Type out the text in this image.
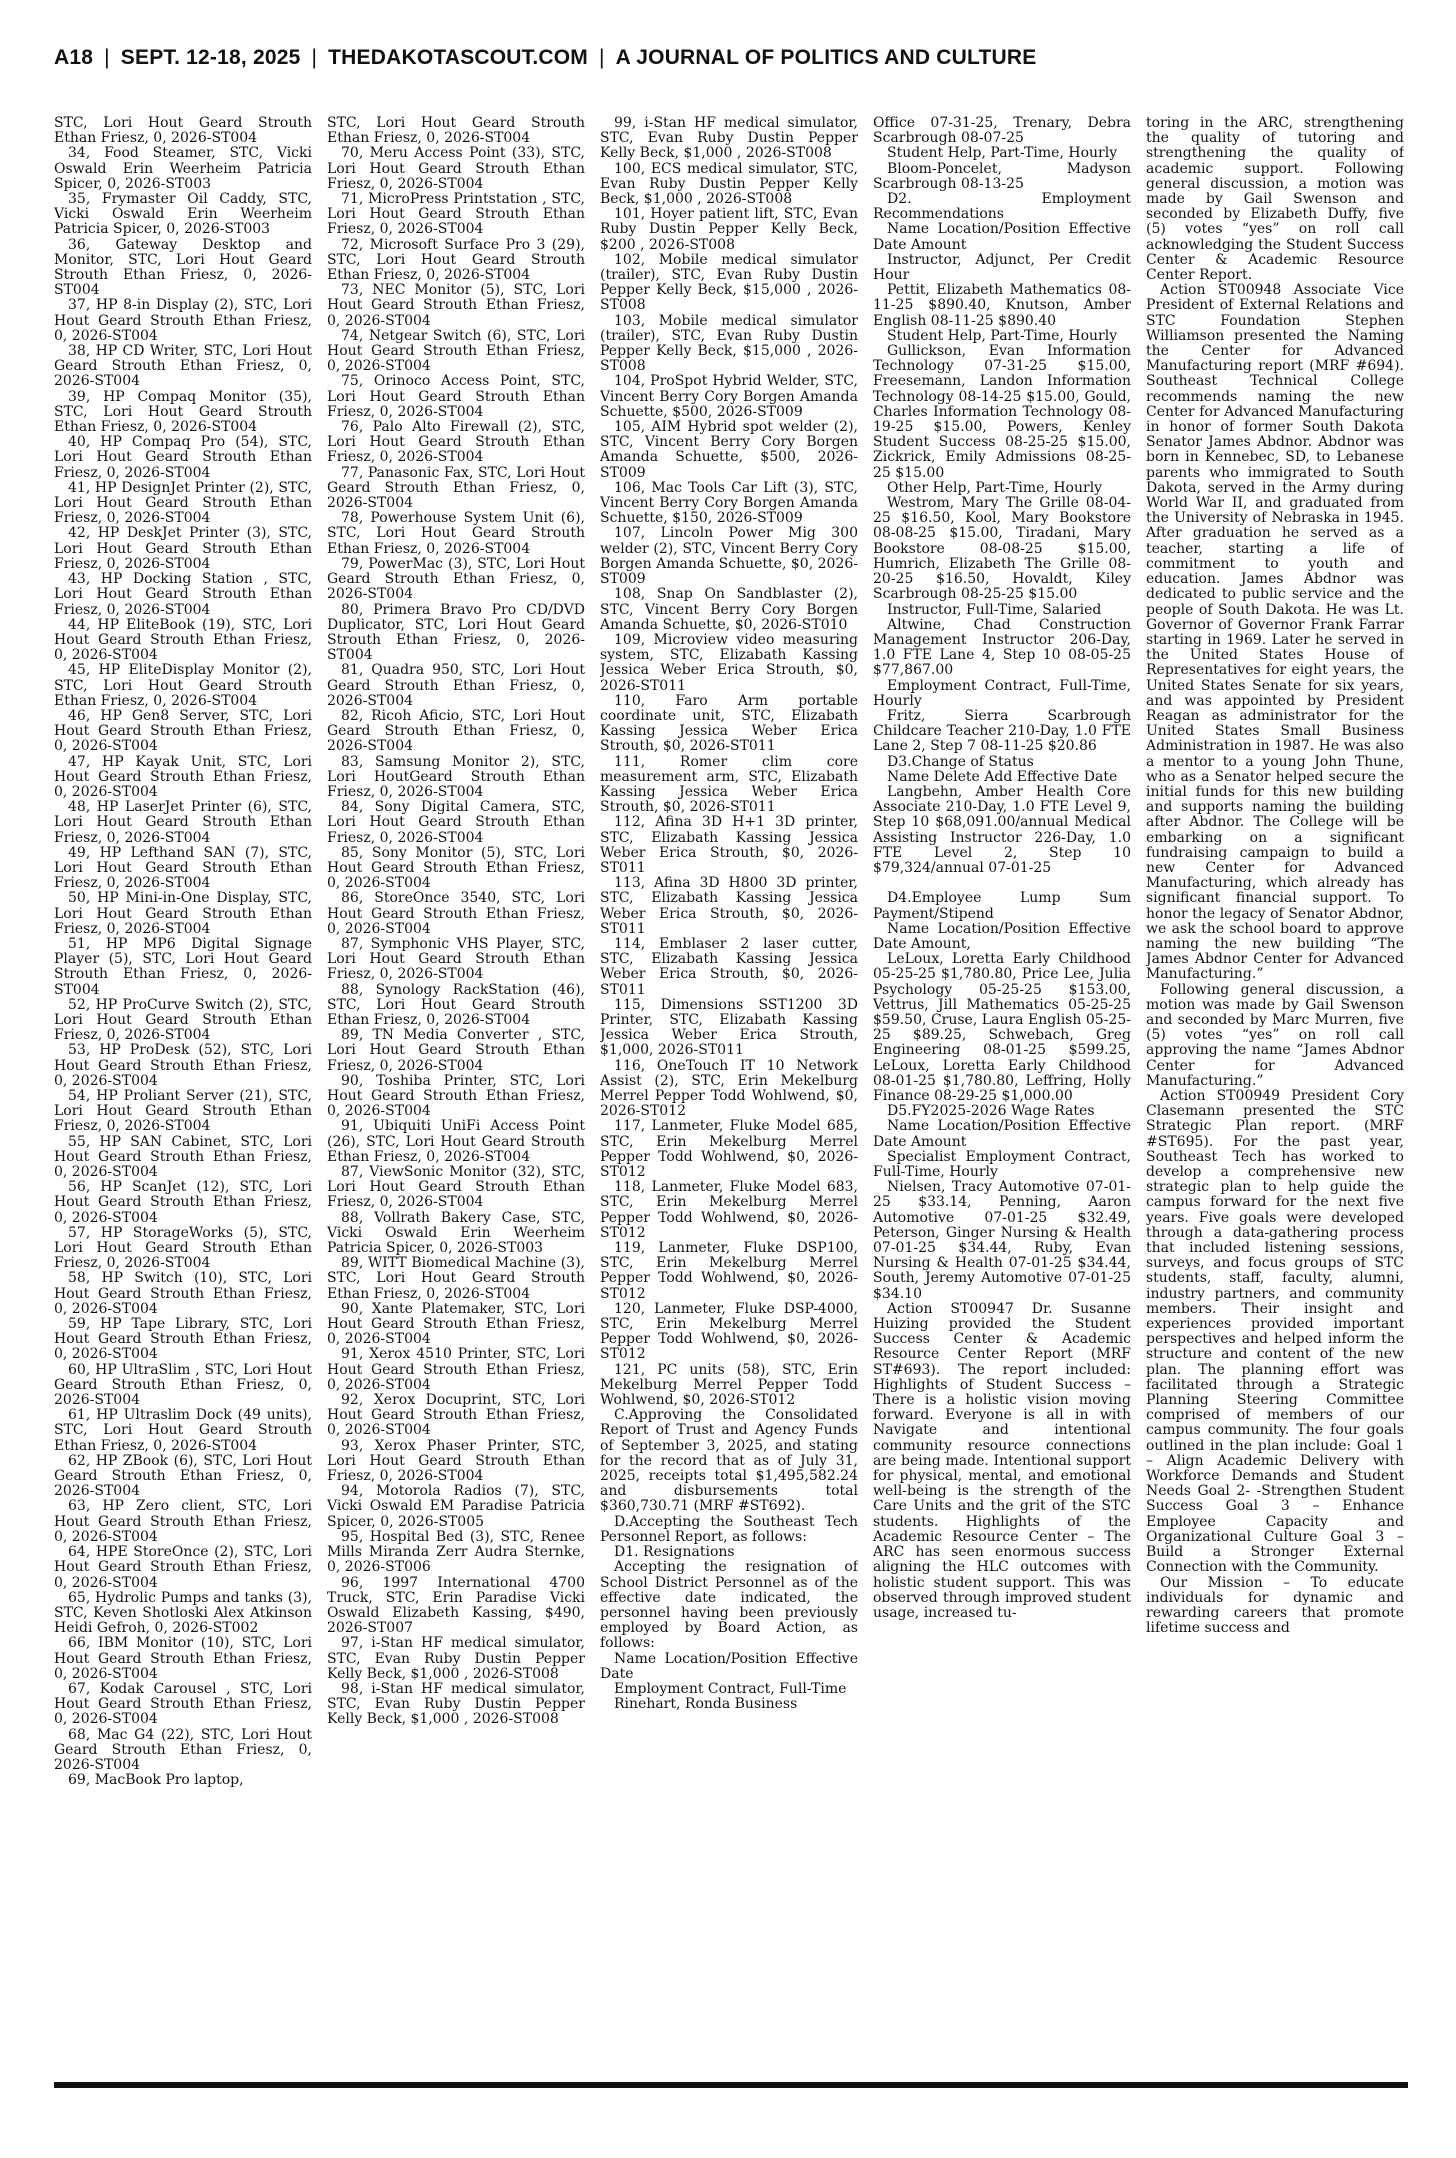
A18 | SEPT. 12-18, 2025 | THEDAKOTASCOUT.COM | A JOURNAL OF POLITICS AND CULTURE

STC, Lori Hout Geard Strouth Ethan Friesz, 0, 2026-ST004

34, Food Steamer, STC, Vicki Oswald Erin Weerheim Patricia Spicer, 0, 2026-ST003

35, Frymaster Oil Caddy, STC, Vicki Oswald Erin Weerheim Patricia Spicer, 0, 2026-ST003

36, Gateway Desktop and Monitor, STC, Lori Hout Geard Strouth Ethan Friesz, 0, 2026-ST004

37, HP 8-in Display (2), STC, Lori Hout Geard Strouth Ethan Friesz, 0, 2026-ST004

38, HP CD Writer, STC, Lori Hout Geard Strouth Ethan Friesz, 0, 2026-ST004

39, HP Compaq Monitor (35), STC, Lori Hout Geard Strouth Ethan Friesz, 0, 2026-ST004

40, HP Compaq Pro (54), STC, Lori Hout Geard Strouth Ethan Friesz, 0, 2026-ST004

41, HP DesignJet Printer (2), STC, Lori Hout Geard Strouth Ethan Friesz, 0, 2026-ST004

42, HP DeskJet Printer (3), STC, Lori Hout Geard Strouth Ethan Friesz, 0, 2026-ST004

43, HP Docking Station , STC, Lori Hout Geard Strouth Ethan Friesz, 0, 2026-ST004

44, HP EliteBook (19), STC, Lori Hout Geard Strouth Ethan Friesz, 0, 2026-ST004

45, HP EliteDisplay Monitor (2), STC, Lori Hout Geard Strouth Ethan Friesz, 0, 2026-ST004

46, HP Gen8 Server, STC, Lori Hout Geard Strouth Ethan Friesz, 0, 2026-ST004

47, HP Kayak Unit, STC, Lori Hout Geard Strouth Ethan Friesz, 0, 2026-ST004

48, HP LaserJet Printer (6), STC, Lori Hout Geard Strouth Ethan Friesz, 0, 2026-ST004

49, HP Lefthand SAN (7), STC, Lori Hout Geard Strouth Ethan Friesz, 0, 2026-ST004

50, HP Mini-in-One Display, STC, Lori Hout Geard Strouth Ethan Friesz, 0, 2026-ST004

51, HP MP6 Digital Signage Player (5), STC, Lori Hout Geard Strouth Ethan Friesz, 0, 2026-ST004

52, HP ProCurve Switch (2), STC, Lori Hout Geard Strouth Ethan Friesz, 0, 2026-ST004

53, HP ProDesk (52), STC, Lori Hout Geard Strouth Ethan Friesz, 0, 2026-ST004

54, HP Proliant Server (21), STC, Lori Hout Geard Strouth Ethan Friesz, 0, 2026-ST004

55, HP SAN Cabinet, STC, Lori Hout Geard Strouth Ethan Friesz, 0, 2026-ST004

56, HP ScanJet (12), STC, Lori Hout Geard Strouth Ethan Friesz, 0, 2026-ST004

57, HP StorageWorks (5), STC, Lori Hout Geard Strouth Ethan Friesz, 0, 2026-ST004

58, HP Switch (10), STC, Lori Hout Geard Strouth Ethan Friesz, 0, 2026-ST004

59, HP Tape Library, STC, Lori Hout Geard Strouth Ethan Friesz, 0, 2026-ST004

60, HP UltraSlim , STC, Lori Hout Geard Strouth Ethan Friesz, 0, 2026-ST004

61, HP Ultraslim Dock (49 units), STC, Lori Hout Geard Strouth Ethan Friesz, 0, 2026-ST004

62, HP ZBook (6), STC, Lori Hout Geard Strouth Ethan Friesz, 0, 2026-ST004

63, HP Zero client, STC, Lori Hout Geard Strouth Ethan Friesz, 0, 2026-ST004

64, HPE StoreOnce (2), STC, Lori Hout Geard Strouth Ethan Friesz, 0, 2026-ST004

65, Hydrolic Pumps and tanks (3), STC, Keven Shotloski Alex Atkinson Heidi Gefroh, 0, 2026-ST002

66, IBM Monitor (10), STC, Lori Hout Geard Strouth Ethan Friesz, 0, 2026-ST004

67, Kodak Carousel , STC, Lori Hout Geard Strouth Ethan Friesz, 0, 2026-ST004

68, Mac G4 (22), STC, Lori Hout Geard Strouth Ethan Friesz, 0, 2026-ST004

69, MacBook Pro laptop,

STC, Lori Hout Geard Strouth Ethan Friesz, 0, 2026-ST004

70, Meru Access Point (33), STC, Lori Hout Geard Strouth Ethan Friesz, 0, 2026-ST004

71, MicroPress Printstation , STC, Lori Hout Geard Strouth Ethan Friesz, 0, 2026-ST004

72, Microsoft Surface Pro 3 (29), STC, Lori Hout Geard Strouth Ethan Friesz, 0, 2026-ST004

73, NEC Monitor (5), STC, Lori Hout Geard Strouth Ethan Friesz, 0, 2026-ST004

74, Netgear Switch (6), STC, Lori Hout Geard Strouth Ethan Friesz, 0, 2026-ST004

75, Orinoco Access Point, STC, Lori Hout Geard Strouth Ethan Friesz, 0, 2026-ST004

76, Palo Alto Firewall (2), STC, Lori Hout Geard Strouth Ethan Friesz, 0, 2026-ST004

77, Panasonic Fax, STC, Lori Hout Geard Strouth Ethan Friesz, 0, 2026-ST004

78, Powerhouse System Unit (6), STC, Lori Hout Geard Strouth Ethan Friesz, 0, 2026-ST004

79, PowerMac (3), STC, Lori Hout Geard Strouth Ethan Friesz, 0, 2026-ST004

80, Primera Bravo Pro CD/DVD Duplicator, STC, Lori Hout Geard Strouth Ethan Friesz, 0, 2026-ST004

81, Quadra 950, STC, Lori Hout Geard Strouth Ethan Friesz, 0, 2026-ST004

82, Ricoh Aficio, STC, Lori Hout Geard Strouth Ethan Friesz, 0, 2026-ST004

83, Samsung Monitor 2), STC, Lori HoutGeard Strouth Ethan Friesz, 0, 2026-ST004

84, Sony Digital Camera, STC, Lori Hout Geard Strouth Ethan Friesz, 0, 2026-ST004

85, Sony Monitor (5), STC, Lori Hout Geard Strouth Ethan Friesz, 0, 2026-ST004

86, StoreOnce 3540, STC, Lori Hout Geard Strouth Ethan Friesz, 0, 2026-ST004

87, Symphonic VHS Player, STC, Lori Hout Geard Strouth Ethan Friesz, 0, 2026-ST004

88, Synology RackStation (46), STC, Lori Hout Geard Strouth Ethan Friesz, 0, 2026-ST004

89, TN Media Converter , STC, Lori Hout Geard Strouth Ethan Friesz, 0, 2026-ST004

90, Toshiba Printer, STC, Lori Hout Geard Strouth Ethan Friesz, 0, 2026-ST004

91, Ubiquiti UniFi Access Point (26), STC, Lori Hout Geard Strouth Ethan Friesz, 0, 2026-ST004

87, ViewSonic Monitor (32), STC, Lori Hout Geard Strouth Ethan Friesz, 0, 2026-ST004

88, Vollrath Bakery Case, STC, Vicki Oswald Erin Weerheim Patricia Spicer, 0, 2026-ST003

89, WITT Biomedical Machine (3), STC, Lori Hout Geard Strouth Ethan Friesz, 0, 2026-ST004

90, Xante Platemaker, STC, Lori Hout Geard Strouth Ethan Friesz, 0, 2026-ST004

91, Xerox 4510 Printer, STC, Lori Hout Geard Strouth Ethan Friesz, 0, 2026-ST004

92, Xerox Docuprint, STC, Lori Hout Geard Strouth Ethan Friesz, 0, 2026-ST004

93, Xerox Phaser Printer, STC, Lori Hout Geard Strouth Ethan Friesz, 0, 2026-ST004

94, Motorola Radios (7), STC, Vicki Oswald EM Paradise Patricia Spicer, 0, 2026-ST005

95, Hospital Bed (3), STC, Renee Mills Miranda Zerr Audra Sternke, 0, 2026-ST006

96, 1997 International 4700 Truck, STC, Erin Paradise Vicki Oswald Elizabeth Kassing, $490, 2026-ST007

97, i-Stan HF medical simulator, STC, Evan Ruby Dustin Pepper Kelly Beck, $1,000 , 2026-ST008

98, i-Stan HF medical simulator, STC, Evan Ruby Dustin Pepper Kelly Beck, $1,000 , 2026-ST008

99, i-Stan HF medical simulator, STC, Evan Ruby Dustin Pepper Kelly Beck, $1,000 , 2026-ST008

100, ECS medical simulator, STC, Evan Ruby Dustin Pepper Kelly Beck, $1,000 , 2026-ST008

101, Hoyer patient lift, STC, Evan Ruby Dustin Pepper Kelly Beck, $200 , 2026-ST008

102, Mobile medical simulator (trailer), STC, Evan Ruby Dustin Pepper Kelly Beck, $15,000 , 2026-ST008

103, Mobile medical simulator (trailer), STC, Evan Ruby Dustin Pepper Kelly Beck, $15,000 , 2026-ST008

104, ProSpot Hybrid Welder, STC, Vincent Berry Cory Borgen Amanda Schuette, $500, 2026-ST009

105, AIM Hybrid spot welder (2), STC, Vincent Berry Cory Borgen Amanda Schuette, $500, 2026-ST009

106, Mac Tools Car Lift (3), STC, Vincent Berry Cory Borgen Amanda Schuette, $150, 2026-ST009

107, Lincoln Power Mig 300 welder (2), STC, Vincent Berry Cory Borgen Amanda Schuette, $0, 2026-ST009

108, Snap On Sandblaster (2), STC, Vincent Berry Cory Borgen Amanda Schuette, $0, 2026-ST010

109, Microview video measuring system, STC, Elizabath Kassing Jessica Weber Erica Strouth, $0, 2026-ST011

110, Faro Arm portable coordinate unit, STC, Elizabath Kassing Jessica Weber Erica Strouth, $0, 2026-ST011

111, Romer clim core measurement arm, STC, Elizabath Kassing Jessica Weber Erica Strouth, $0, 2026-ST011

112, Afina 3D H+1 3D printer, STC, Elizabath Kassing Jessica Weber Erica Strouth, $0, 2026-ST011

113, Afina 3D H800 3D printer, STC, Elizabath Kassing Jessica Weber Erica Strouth, $0, 2026-ST011

114, Emblaser 2 laser cutter, STC, Elizabath Kassing Jessica Weber Erica Strouth, $0, 2026-ST011

115, Dimensions SST1200 3D Printer, STC, Elizabath Kassing Jessica Weber Erica Strouth, $1,000, 2026-ST011

116, OneTouch IT 10 Network Assist (2), STC, Erin Mekelburg Merrel Pepper Todd Wohlwend, $0, 2026-ST012

117, Lanmeter, Fluke Model 685, STC, Erin Mekelburg Merrel Pepper Todd Wohlwend, $0, 2026-ST012

118, Lanmeter, Fluke Model 683, STC, Erin Mekelburg Merrel Pepper Todd Wohlwend, $0, 2026-ST012

119, Lanmeter, Fluke DSP100, STC, Erin Mekelburg Merrel Pepper Todd Wohlwend, $0, 2026-ST012

120, Lanmeter, Fluke DSP-4000, STC, Erin Mekelburg Merrel Pepper Todd Wohlwend, $0, 2026-ST012

121, PC units (58), STC, Erin Mekelburg Merrel Pepper Todd Wohlwend, $0, 2026-ST012

C.Approving the Consolidated Report of Trust and Agency Funds of September 3, 2025, and stating for the record that as of July 31, 2025, receipts total $1,495,582.24 and disbursements total $360,730.71 (MRF #ST692).

D.Accepting the Southeast Tech Personnel Report, as follows:

D1. Resignations

Accepting the resignation of School District Personnel as of the effective date indicated, the personnel having been previously employed by Board Action, as follows:

Name Location/Position Effective Date

Employment Contract, Full-Time

Rinehart, Ronda Business

Office 07-31-25, Trenary, Debra Scarbrough 08-07-25

Student Help, Part-Time, Hourly

Bloom-Poncelet, Madyson Scarbrough 08-13-25

D2. Employment Recommendations

Name Location/Position Effective Date Amount

Instructor, Adjunct, Per Credit Hour

Pettit, Elizabeth Mathematics 08-11-25 $890.40, Knutson, Amber English 08-11-25 $890.40

Student Help, Part-Time, Hourly

Gullickson, Evan Information Technology 07-31-25 $15.00, Freesemann, Landon Information Technology 08-14-25 $15.00, Gould, Charles Information Technology 08-19-25 $15.00, Powers, Kenley Student Success 08-25-25 $15.00, Zickrick, Emily Admissions 08-25-25 $15.00

Other Help, Part-Time, Hourly

Westrom, Mary The Grille 08-04-25 $16.50, Kool, Mary Bookstore 08-08-25 $15.00, Tiradani, Mary Bookstore 08-08-25 $15.00, Humrich, Elizabeth The Grille 08-20-25 $16.50, Hovaldt, Kiley Scarbrough 08-25-25 $15.00

Instructor, Full-Time, Salaried

Altwine, Chad Construction Management Instructor 206-Day, 1.0 FTE Lane 4, Step 10 08-05-25 $77,867.00

Employment Contract, Full-Time, Hourly

Fritz, Sierra Scarbrough Childcare Teacher 210-Day, 1.0 FTE Lane 2, Step 7 08-11-25 $20.86

D3.Change of Status

Name Delete Add Effective Date

Langbehn, Amber Health Core Associate 210-Day, 1.0 FTE Level 9, Step 10 $68,091.00/annual Medical Assisting Instructor 226-Day, 1.0 FTE Level 2, Step 10 $79,324/annual 07-01-25

D4.Employee Lump Sum Payment/Stipend

Name Location/Position Effective Date Amount,

LeLoux, Loretta Early Childhood 05-25-25 $1,780.80, Price Lee, Julia Psychology 05-25-25 $153.00, Vettrus, Jill Mathematics 05-25-25 $59.50, Cruse, Laura English 05-25-25 $89.25, Schwebach, Greg Engineering 08-01-25 $599.25, LeLoux, Loretta Early Childhood 08-01-25 $1,780.80, Leffring, Holly Finance 08-29-25 $1,000.00

D5.FY2025-2026 Wage Rates

Name Location/Position Effective Date Amount

Specialist Employment Contract, Full-Time, Hourly

Nielsen, Tracy Automotive 07-01-25 $33.14, Penning, Aaron Automotive 07-01-25 $32.49, Peterson, Ginger Nursing & Health 07-01-25 $34.44, Ruby, Evan Nursing & Health 07-01-25 $34.44, South, Jeremy Automotive 07-01-25 $34.10

Action ST00947 Dr. Susanne Huizing provided the Student Success Center & Academic Resource Center Report (MRF ST#693). The report included: Highlights of Student Success – There is a holistic vision moving forward. Everyone is all in with Navigate and intentional community resource connections are being made. Intentional support for physical, mental, and emotional well-being is the strength of the Care Units and the grit of the STC students. Highlights of the Academic Resource Center – The ARC has seen enormous success aligning the HLC outcomes with holistic student support. This was observed through improved student usage, increased tu-

toring in the ARC, strengthening the quality of tutoring and strengthening the quality of academic support. Following general discussion, a motion was made by Gail Swenson and seconded by Elizabeth Duffy, five (5) votes “yes” on roll call acknowledging the Student Success Center & Academic Resource Center Report.

Action ST00948 Associate Vice President of External Relations and STC Foundation Stephen Williamson presented the Naming the Center for Advanced Manufacturing report (MRF #694). Southeast Technical College recommends naming the new Center for Advanced Manufacturing in honor of former South Dakota Senator James Abdnor. Abdnor was born in Kennebec, SD, to Lebanese parents who immigrated to South Dakota, served in the Army during World War II, and graduated from the University of Nebraska in 1945. After graduation he served as a teacher, starting a life of commitment to youth and education. James Abdnor was dedicated to public service and the people of South Dakota. He was Lt. Governor of Governor Frank Farrar starting in 1969. Later he served in the United States House of Representatives for eight years, the United States Senate for six years, and was appointed by President Reagan as administrator for the United States Small Business Administration in 1987. He was also a mentor to a young John Thune, who as a Senator helped secure the initial funds for this new building and supports naming the building after Abdnor. The College will be embarking on a significant fundraising campaign to build a new Center for Advanced Manufacturing, which already has significant financial support. To honor the legacy of Senator Abdnor, we ask the school board to approve naming the new building “The James Abdnor Center for Advanced Manufacturing.”

Following general discussion, a motion was made by Gail Swenson and seconded by Marc Murren, five (5) votes “yes” on roll call approving the name “James Abdnor Center for Advanced Manufacturing.”

Action ST00949 President Cory Clasemann presented the STC Strategic Plan report. (MRF #ST695). For the past year, Southeast Tech has worked to develop a comprehensive new strategic plan to help guide the campus forward for the next five years. Five goals were developed through a data-gathering process that included listening sessions, surveys, and focus groups of STC students, staff, faculty, alumni, industry partners, and community members. Their insight and experiences provided important perspectives and helped inform the structure and content of the new plan. The planning effort was facilitated through a Strategic Planning Steering Committee comprised of members of our campus community. The four goals outlined in the plan include: Goal 1 – Align Academic Delivery with Workforce Demands and Student Needs Goal 2- -Strengthen Student Success Goal 3 – Enhance Employee Capacity and Organizational Culture Goal 3 – Build a Stronger External Connection with the Community.

Our Mission – To educate individuals for dynamic and rewarding careers that promote lifetime success and
